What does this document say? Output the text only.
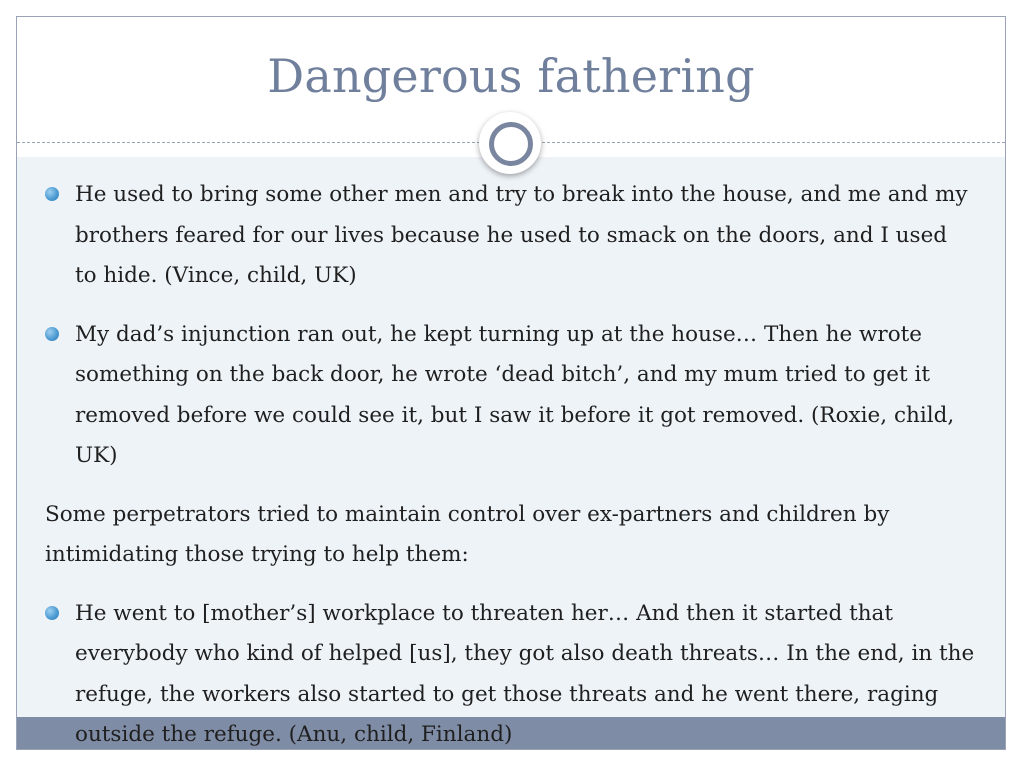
Dangerous fathering
He used to bring some other men and try to break into the house, and me and my brothers feared for our lives because he used to smack on the doors, and I used to hide. (Vince, child, UK)
My dad’s injunction ran out, he kept turning up at the house… Then he wrote something on the back door, he wrote ‘dead bitch’, and my mum tried to get it removed before we could see it, but I saw it before it got removed. (Roxie, child, UK)
Some perpetrators tried to maintain control over ex-partners and children by intimidating those trying to help them:
He went to [mother’s] workplace to threaten her… And then it started that everybody who kind of helped [us], they got also death threats… In the end, in the refuge, the workers also started to get those threats and he went there, raging outside the refuge. (Anu, child, Finland)
